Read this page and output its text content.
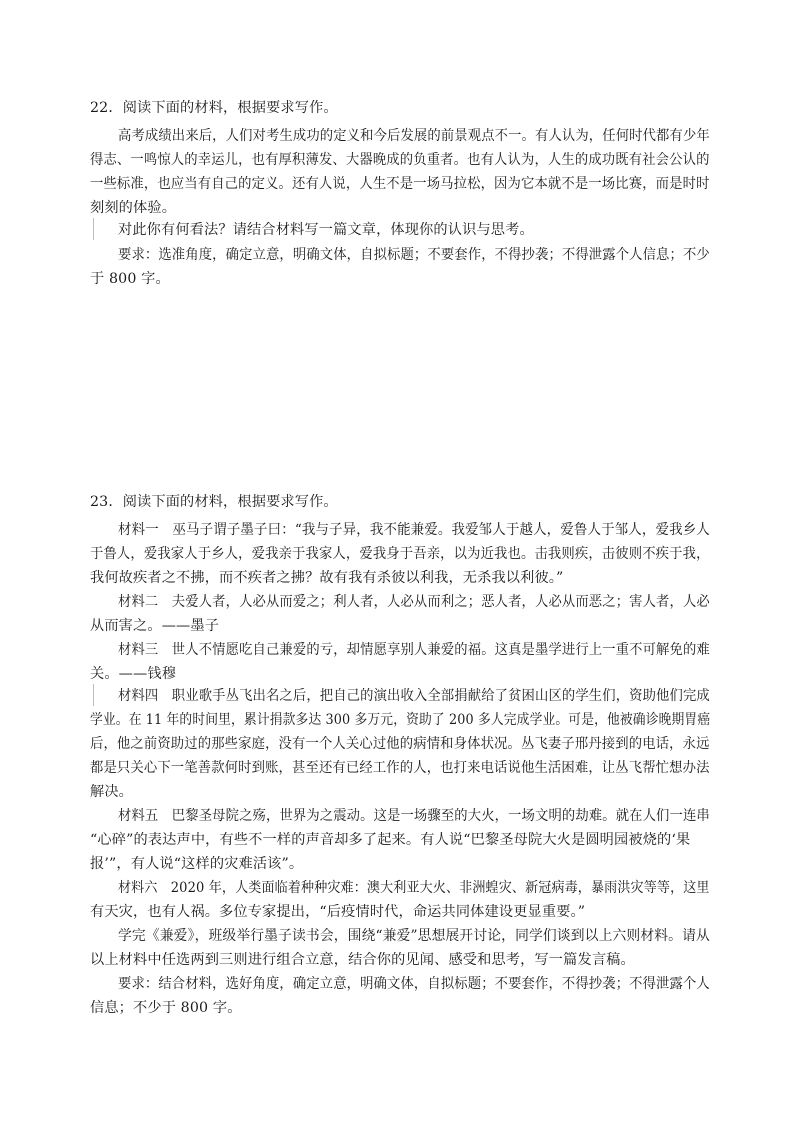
22．阅读下面的材料，根据要求写作。
高考成绩出来后，人们对考生成功的定义和今后发展的前景观点不一。有人认为，任何时代都有少年
得志、一鸣惊人的幸运儿，也有厚积薄发、大器晚成的负重者。也有人认为，人生的成功既有社会公认的
一些标准，也应当有自己的定义。还有人说，人生不是一场马拉松，因为它本就不是一场比赛，而是时时
刻刻的体验。
对此你有何看法？请结合材料写一篇文章，体现你的认识与思考。
要求：选准角度，确定立意，明确文体，自拟标题；不要套作，不得抄袭；不得泄露个人信息；不少
于 800 字。
23．阅读下面的材料，根据要求写作。
材料一　巫马子谓子墨子曰：“我与子异，我不能兼爱。我爱邹人于越人，爱鲁人于邹人，爱我乡人
于鲁人，爱我家人于乡人，爱我亲于我家人，爱我身于吾亲，以为近我也。击我则疾，击彼则不疾于我，
我何故疾者之不拂，而不疾者之拂？故有我有杀彼以利我，无杀我以利彼。”
材料二　夫爱人者，人必从而爱之；利人者，人必从而利之；恶人者，人必从而恶之；害人者，人必
从而害之。——墨子
材料三　世人不情愿吃自己兼爱的亏，却情愿享别人兼爱的福。这真是墨学进行上一重不可解免的难
关。——钱穆
材料四　职业歌手丛飞出名之后，把自己的演出收入全部捐献给了贫困山区的学生们，资助他们完成
学业。在 11 年的时间里，累计捐款多达 300 多万元，资助了 200 多人完成学业。可是，他被确诊晚期胃癌
后，他之前资助过的那些家庭，没有一个人关心过他的病情和身体状况。丛飞妻子邢丹接到的电话，永远
都是只关心下一笔善款何时到账，甚至还有已经工作的人，也打来电话说他生活困难，让丛飞帮忙想办法
解决。
材料五　巴黎圣母院之殇，世界为之震动。这是一场骤至的大火，一场文明的劫难。就在人们一连串
“心碎”的表达声中，有些不一样的声音却多了起来。有人说“巴黎圣母院大火是圆明园被烧的‘果
报’”，有人说“这样的灾难活该”。
材料六　2020 年，人类面临着种种灾难：澳大利亚大火、非洲蝗灾、新冠病毒，暴雨洪灾等等，这里
有天灾，也有人祸。多位专家提出，“后疫情时代，命运共同体建设更显重要。”
学完《兼爱》，班级举行墨子读书会，围绕“兼爱”思想展开讨论，同学们谈到以上六则材料。请从
以上材料中任选两到三则进行组合立意，结合你的见闻、感受和思考，写一篇发言稿。
要求：结合材料，选好角度，确定立意，明确文体，自拟标题；不要套作，不得抄袭；不得泄露个人
信息；不少于 800 字。
